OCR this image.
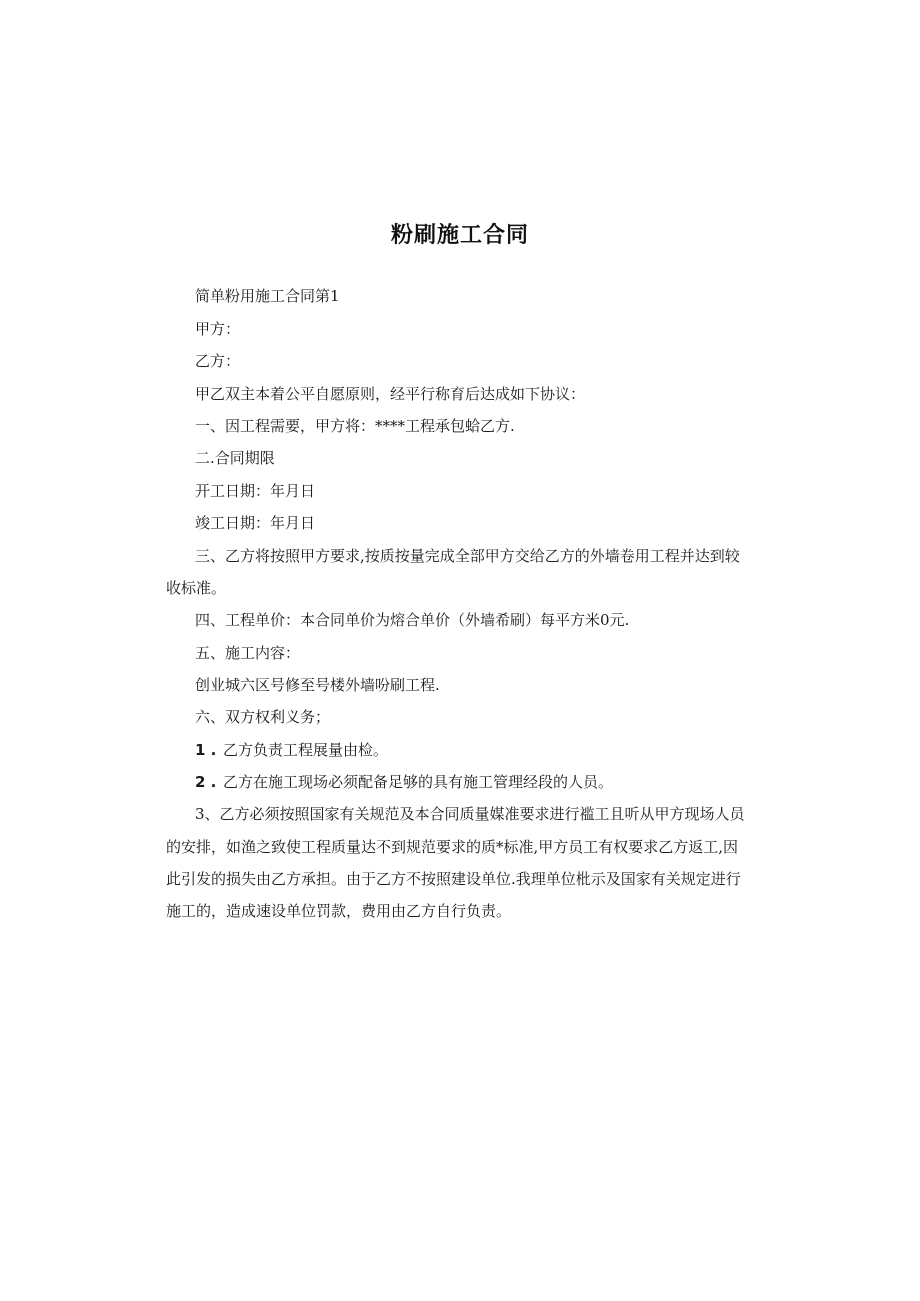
粉刷施工合同
简单粉用施工合同第1
甲方：
乙方：
甲乙双主本着公平自愿原则，经平行称育后达成如下协议：
一、因工程需要，甲方将：****工程承包蛤乙方.
二.合同期限
开工日期：年月日
竣工日期：年月日
三、乙方将按照甲方要求,按质按量完成全部甲方交给乙方的外墙卷用工程并达到较
收标准。
四、工程单价：本合同单价为熔合单价（外墙希刷）每平方米0元.
五、施工内容：
创业城六区号修至号楼外墙吩刷工程.
六、双方权利义务；
1 . 乙方负责工程展量由检。
2 . 乙方在施工现场必须配备足够的具有施工管理经段的人员。
3、乙方必须按照国家有关规范及本合同质量媒准要求进行褴工且听从甲方现场人员
的安排，如渔之致使工程质量达不到规范要求的质*标准,甲方员工有权要求乙方返工,因
此引发的损失由乙方承担。由于乙方不按照建设单位.我理单位枇示及国家有关规定进行
施工的，造成速设单位罚款，费用由乙方自行负责。
